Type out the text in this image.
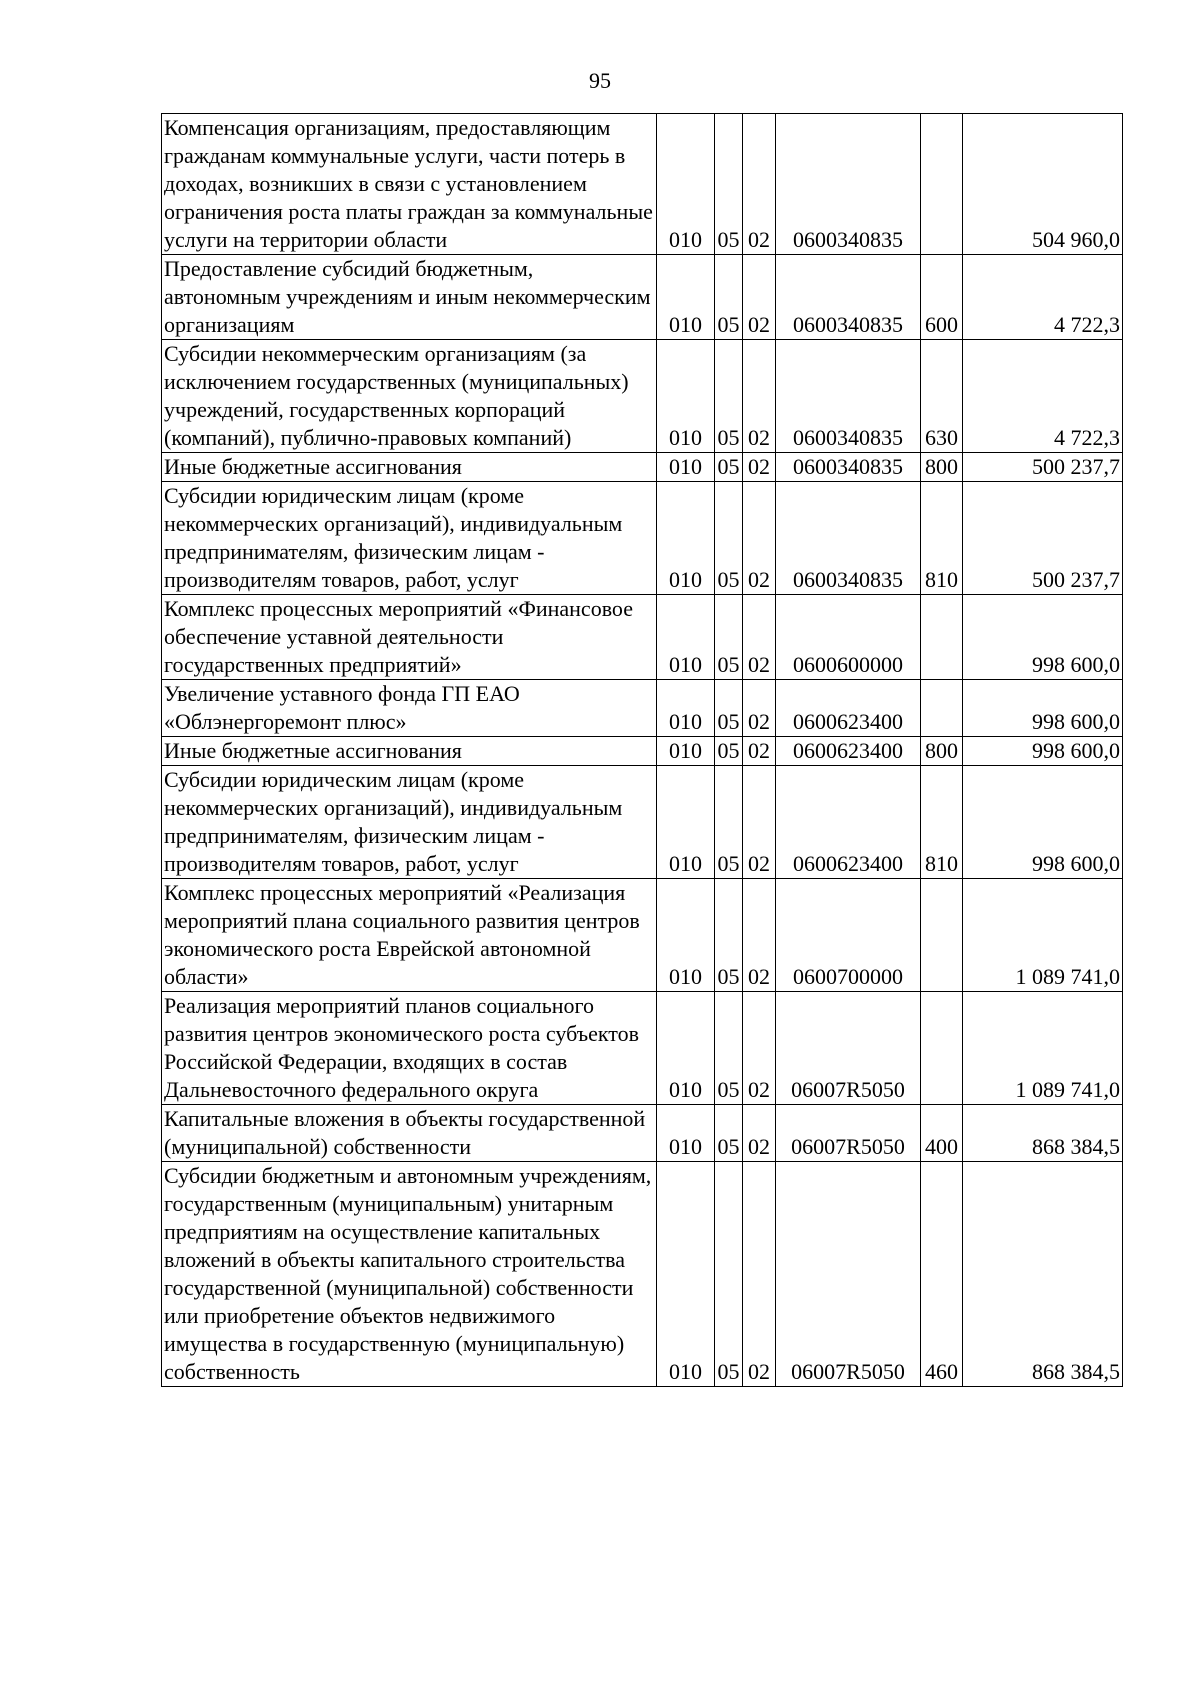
95
Компенсация организациям, предоставляющим гражданам коммунальные услуги, части потерь в доходах, возникших в связи с установлением ограничения роста платы граждан за коммунальные услуги на территории области	010	05	02	0600340835		504 960,0
Предоставление субсидий бюджетным, автономным учреждениям и иным некоммерческим организациям	010	05	02	0600340835	600	4 722,3
Субсидии некоммерческим организациям (за исключением государственных (муниципальных) учреждений, государственных корпораций (компаний), публично-правовых компаний)	010	05	02	0600340835	630	4 722,3
Иные бюджетные ассигнования	010	05	02	0600340835	800	500 237,7
Субсидии юридическим лицам (кроме некоммерческих организаций), индивидуальным предпринимателям, физическим лицам - производителям товаров, работ, услуг	010	05	02	0600340835	810	500 237,7
Комплекс процессных мероприятий «Финансовое обеспечение уставной деятельности государственных предприятий»	010	05	02	0600600000		998 600,0
Увеличение уставного фонда ГП ЕАО «Облэнергоремонт плюс»	010	05	02	0600623400		998 600,0
Иные бюджетные ассигнования	010	05	02	0600623400	800	998 600,0
Субсидии юридическим лицам (кроме некоммерческих организаций), индивидуальным предпринимателям, физическим лицам - производителям товаров, работ, услуг	010	05	02	0600623400	810	998 600,0
Комплекс процессных мероприятий «Реализация мероприятий плана социального развития центров экономического роста Еврейской автономной области»	010	05	02	0600700000		1 089 741,0
Реализация мероприятий планов социального развития центров экономического роста субъектов Российской Федерации, входящих в состав Дальневосточного федерального округа	010	05	02	06007R5050		1 089 741,0
Капитальные вложения в объекты государственной (муниципальной) собственности	010	05	02	06007R5050	400	868 384,5
Субсидии бюджетным и автономным учреждениям, государственным (муниципальным) унитарным предприятиям на осуществление капитальных вложений в объекты капитального строительства государственной (муниципальной) собственности или приобретение объектов недвижимого имущества в государственную (муниципальную) собственность	010	05	02	06007R5050	460	868 384,5
